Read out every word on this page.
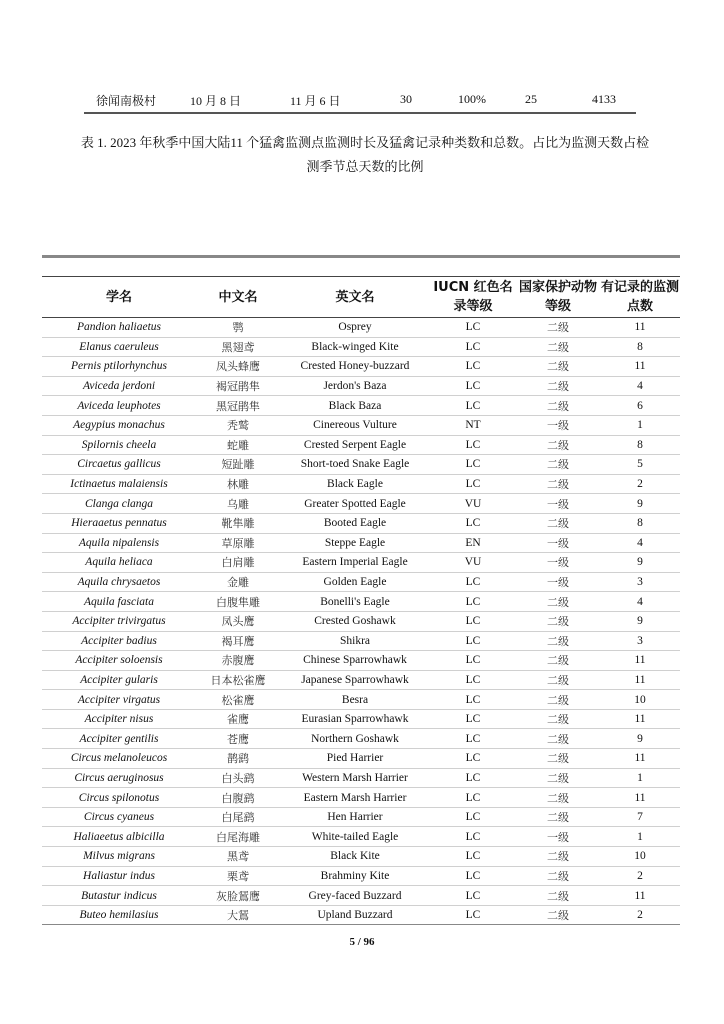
徐闻南极村	10 月 8 日	11 月 6 日	30	100%	25	4133
表 1. 2023 年秋季中国大陆11 个猛禽监测点监测时长及猛禽记录种类数和总数。占比为监测天数占检测季节总天数的比例
学名	中文名	英文名	IUCN 红色名录等级	国家保护动物等级	有记录的监测点数
Pandion haliaetus	鹗	Osprey	LC	二级	11
Elanus caeruleus	黑翅鸢	Black-winged Kite	LC	二级	8
Pernis ptilorhynchus	凤头蜂鹰	Crested Honey-buzzard	LC	二级	11
Aviceda jerdoni	褐冠鹃隼	Jerdon's Baza	LC	二级	4
Aviceda leuphotes	黑冠鹃隼	Black Baza	LC	二级	6
Aegypius monachus	秃鹫	Cinereous Vulture	NT	一级	1
Spilornis cheela	蛇雕	Crested Serpent Eagle	LC	二级	8
Circaetus gallicus	短趾雕	Short-toed Snake Eagle	LC	二级	5
Ictinaetus malaiensis	林雕	Black Eagle	LC	二级	2
Clanga clanga	乌雕	Greater Spotted Eagle	VU	一级	9
Hieraaetus pennatus	靴隼雕	Booted Eagle	LC	二级	8
Aquila nipalensis	草原雕	Steppe Eagle	EN	一级	4
Aquila heliaca	白肩雕	Eastern Imperial Eagle	VU	一级	9
Aquila chrysaetos	金雕	Golden Eagle	LC	一级	3
Aquila fasciata	白腹隼雕	Bonelli's Eagle	LC	二级	4
Accipiter trivirgatus	凤头鹰	Crested Goshawk	LC	二级	9
Accipiter badius	褐耳鹰	Shikra	LC	二级	3
Accipiter soloensis	赤腹鹰	Chinese Sparrowhawk	LC	二级	11
Accipiter gularis	日本松雀鹰	Japanese Sparrowhawk	LC	二级	11
Accipiter virgatus	松雀鹰	Besra	LC	二级	10
Accipiter nisus	雀鹰	Eurasian Sparrowhawk	LC	二级	11
Accipiter gentilis	苍鹰	Northern Goshawk	LC	二级	9
Circus melanoleucos	鹊鹞	Pied Harrier	LC	二级	11
Circus aeruginosus	白头鹞	Western Marsh Harrier	LC	二级	1
Circus spilonotus	白腹鹞	Eastern Marsh Harrier	LC	二级	11
Circus cyaneus	白尾鹞	Hen Harrier	LC	二级	7
Haliaeetus albicilla	白尾海雕	White-tailed Eagle	LC	一级	1
Milvus migrans	黑鸢	Black Kite	LC	二级	10
Haliastur indus	栗鸢	Brahminy Kite	LC	二级	2
Butastur indicus	灰脸鵟鹰	Grey-faced Buzzard	LC	二级	11
Buteo hemilasius	大鵟	Upland Buzzard	LC	二级	2
5 / 96
